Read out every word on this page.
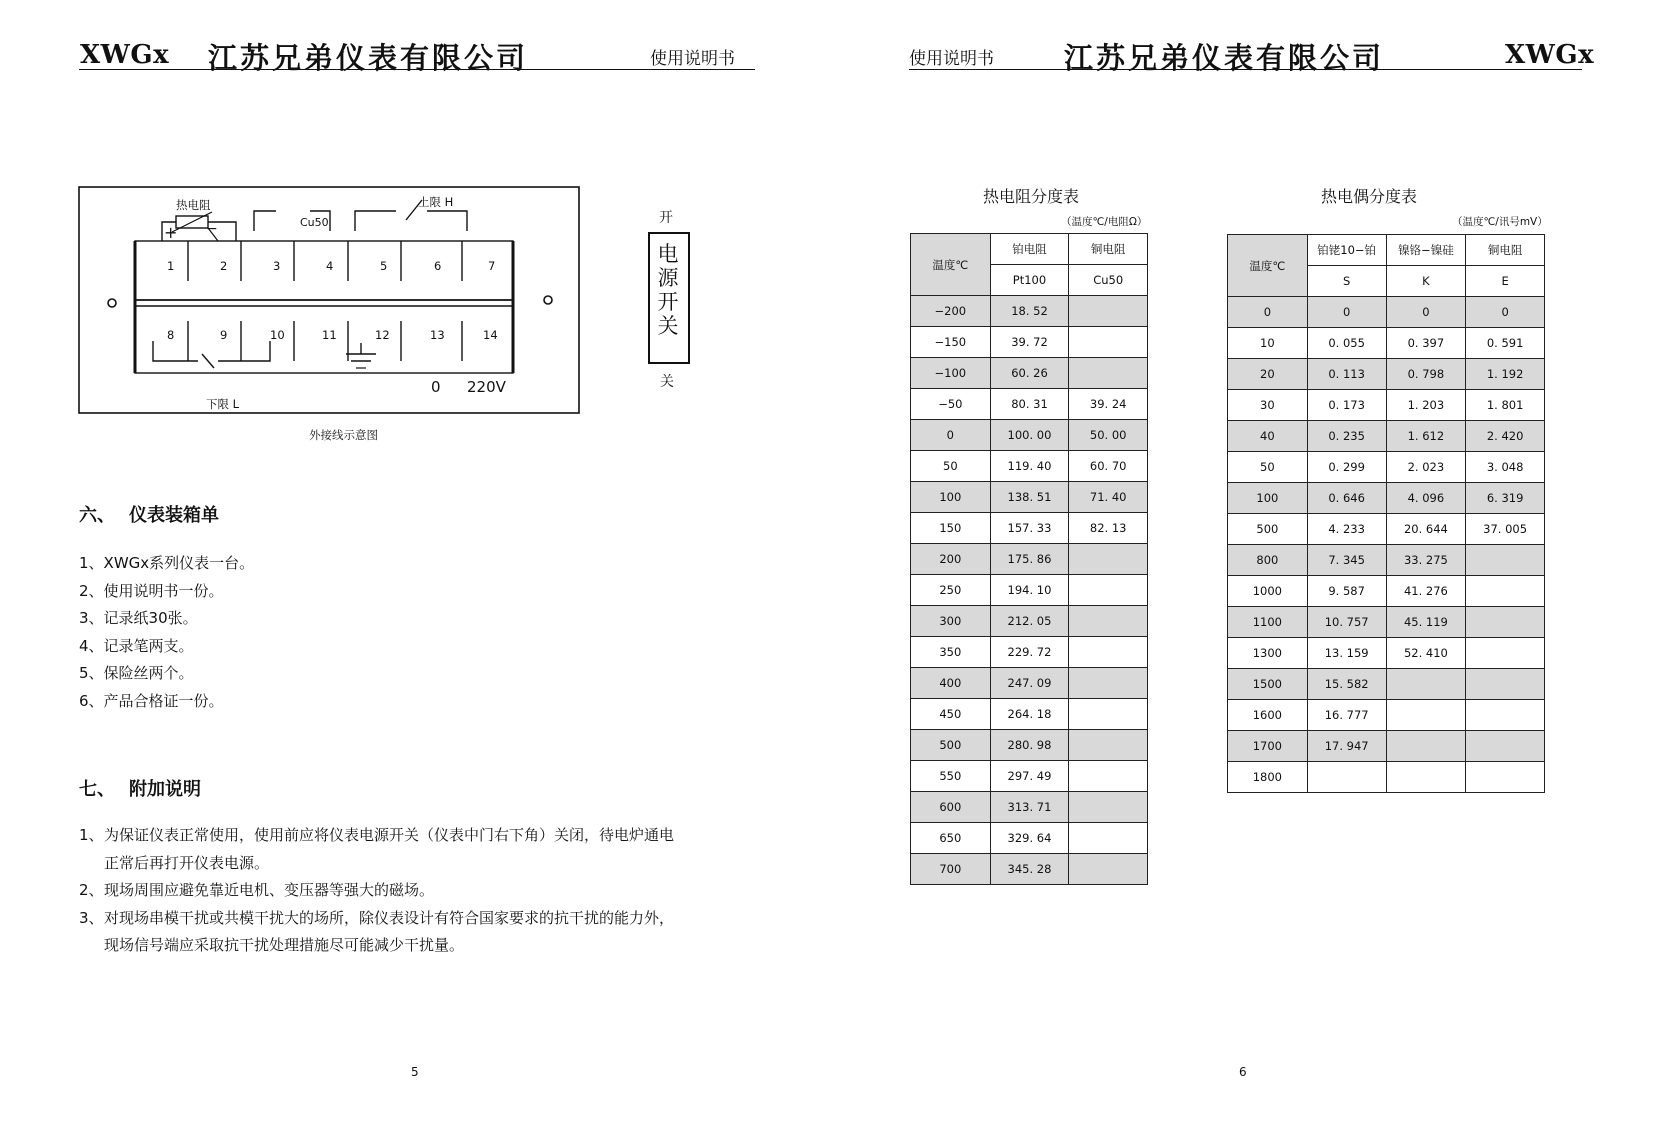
XWGx 江苏兄弟仪表有限公司	使用说明书
热电阻
+ −	Cu50
上限 H
下限 L
1	2	3	4	5	6	7
8	9	10	11	12	13	14
0 220V
外接线示意图
开
电源开关
关
六、 仪表装箱单
1、XWGx系列仪表一台。
2、使用说明书一份。
3、记录纸30张。
4、记录笔两支。
5、保险丝两个。
6、产品合格证一份。
七、 附加说明
1、 为保证仪表正常使用，使用前应将仪表电源开关（仪表中门右下角）关闭，待电炉通电
正常后再打开仪表电源。
2、 现场周围应避免靠近电机、变压器等强大的磁场。
3、 对现场串模干扰或共模干扰大的场所，除仪表设计有符合国家要求的抗干扰的能力外，
现场信号端应采取抗干扰处理措施尽可能减少干扰量。
5
使用说明书 江苏兄弟仪表有限公司	XWGx
热电阻分度表
（温度℃/电阻Ω）
温度℃	铂电阻	铜电阻
	Pt100	Cu50
−200	18. 52	
−150	39. 72	
−100	60. 26	
−50	80. 31	39. 24
0	100. 00	50. 00
50	119. 40	60. 70
100	138. 51	71. 40
150	157. 33	82. 13
200	175. 86	
250	194. 10	
300	212. 05	
350	229. 72	
400	247. 09	
450	264. 18	
500	280. 98	
550	297. 49	
600	313. 71	
650	329. 64	
700	345. 28	
热电偶分度表
（温度℃/讯号mV）
温度℃	铂铑10−铂	镍铬−镍硅	铜电阻
	S	K	E
0	0	0	0
10	0. 055	0. 397	0. 591
20	0. 113	0. 798	1. 192
30	0. 173	1. 203	1. 801
40	0. 235	1. 612	2. 420
50	0. 299	2. 023	3. 048
100	0. 646	4. 096	6. 319
500	4. 233	20. 644	37. 005
800	7. 345	33. 275	
1000	9. 587	41. 276	
1100	10. 757	45. 119	
1300	13. 159	52. 410	
1500	15. 582		
1600	16. 777		
1700	17. 947		
1800			
6
